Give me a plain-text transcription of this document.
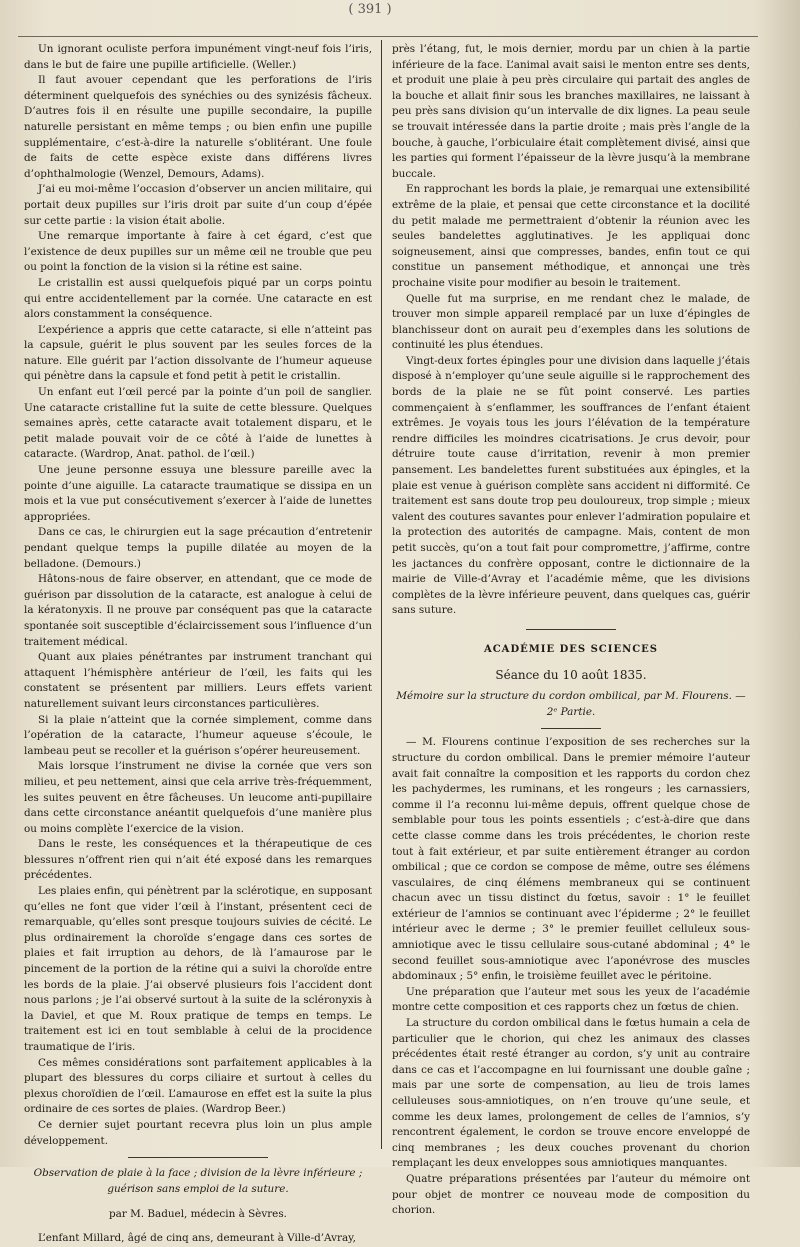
( 391 )

Un ignorant oculiste perfora impunément vingt-neuf fois l’iris, dans le but de faire une pupille artificielle. (Weller.)

Il faut avouer cependant que les perforations de l’iris déterminent quelquefois des synéchies ou des synizésis fâcheux. D’autres fois il en résulte une pupille secondaire, la pupille naturelle persistant en même temps ; ou bien enfin une pupille supplémentaire, c’est-à-dire la naturelle s’oblitérant. Une foule de faits de cette espèce existe dans différens livres d’ophthalmologie (Wenzel, Demours, Adams).

J’ai eu moi-même l’occasion d’observer un ancien militaire, qui portait deux pupilles sur l’iris droit par suite d’un coup d’épée sur cette partie : la vision était abolie.

Une remarque importante à faire à cet égard, c’est que l’existence de deux pupilles sur un même œil ne trouble que peu ou point la fonction de la vision si la rétine est saine.

Le cristallin est aussi quelquefois piqué par un corps pointu qui entre accidentellement par la cornée. Une cataracte en est alors constamment la conséquence.

L’expérience a appris que cette cataracte, si elle n’atteint pas la capsule, guérit le plus souvent par les seules forces de la nature. Elle guérit par l’action dissolvante de l’humeur aqueuse qui pénètre dans la capsule et fond petit à petit le cristallin.

Un enfant eut l’œil percé par la pointe d’un poil de sanglier. Une cataracte cristalline fut la suite de cette blessure. Quelques semaines après, cette cataracte avait totalement disparu, et le petit malade pouvait voir de ce côté à l’aide de lunettes à cataracte. (Wardrop, Anat. pathol. de l’œil.)

Une jeune personne essuya une blessure pareille avec la pointe d’une aiguille. La cataracte traumatique se dissipa en un mois et la vue put consécutivement s’exercer à l’aide de lunettes appropriées.

Dans ce cas, le chirurgien eut la sage précaution d’entretenir pendant quelque temps la pupille dilatée au moyen de la belladone. (Demours.)

Hâtons-nous de faire observer, en attendant, que ce mode de guérison par dissolution de la cataracte, est analogue à celui de la kératonyxis. Il ne prouve par conséquent pas que la cataracte spontanée soit susceptible d’éclaircissement sous l’influence d’un traitement médical.

Quant aux plaies pénétrantes par instrument tranchant qui attaquent l’hémisphère antérieur de l’œil, les faits qui les constatent se présentent par milliers. Leurs effets varient naturellement suivant leurs circonstances particulières.

Si la plaie n’atteint que la cornée simplement, comme dans l’opération de la cataracte, l’humeur aqueuse s’écoule, le lambeau peut se recoller et la guérison s’opérer heureusement.

Mais lorsque l’instrument ne divise la cornée que vers son milieu, et peu nettement, ainsi que cela arrive très-fréquemment, les suites peuvent en être fâcheuses. Un leucome anti-pupillaire dans cette circonstance anéantit quelquefois d’une manière plus ou moins complète l’exercice de la vision.

Dans le reste, les conséquences et la thérapeutique de ces blessures n’offrent rien qui n’ait été exposé dans les remarques précédentes.

Les plaies enfin, qui pénètrent par la sclérotique, en supposant qu’elles ne font que vider l’œil à l’instant, présentent ceci de remarquable, qu’elles sont presque toujours suivies de cécité. Le plus ordinairement la choroïde s’engage dans ces sortes de plaies et fait irruption au dehors, de là l’amaurose par le pincement de la portion de la rétine qui a suivi la choroïde entre les bords de la plaie. J’ai observé plusieurs fois l’accident dont nous parlons ; je l’ai observé surtout à la suite de la scléronyxis à la Daviel, et que M. Roux pratique de temps en temps. Le traitement est ici en tout semblable à celui de la procidence traumatique de l’iris.

Ces mêmes considérations sont parfaitement applicables à la plupart des blessures du corps ciliaire et surtout à celles du plexus choroïdien de l’œil. L’amaurose en effet est la suite la plus ordinaire de ces sortes de plaies. (Wardrop Beer.)

Ce dernier sujet pourtant recevra plus loin un plus ample développement.

Observation de plaie à la face ; division de la lèvre inférieure ; guérison sans emploi de la suture.

par M. Baduel, médecin à Sèvres.

L’enfant Millard, âgé de cinq ans, demeurant à Ville-d’Avray,

près l’étang, fut, le mois dernier, mordu par un chien à la partie inférieure de la face. L’animal avait saisi le menton entre ses dents, et produit une plaie à peu près circulaire qui partait des angles de la bouche et allait finir sous les branches maxillaires, ne laissant à peu près sans division qu’un intervalle de dix lignes. La peau seule se trouvait intéressée dans la partie droite ; mais près l’angle de la bouche, à gauche, l’orbiculaire était complètement divisé, ainsi que les parties qui forment l’épaisseur de la lèvre jusqu’à la membrane buccale.

En rapprochant les bords la plaie, je remarquai une extensibilité extrême de la plaie, et pensai que cette circonstance et la docilité du petit malade me permettraient d’obtenir la réunion avec les seules bandelettes agglutinatives. Je les appliquai donc soigneusement, ainsi que compresses, bandes, enfin tout ce qui constitue un pansement méthodique, et annonçai une très prochaine visite pour modifier au besoin le traitement.

Quelle fut ma surprise, en me rendant chez le malade, de trouver mon simple appareil remplacé par un luxe d’épingles de blanchisseur dont on aurait peu d’exemples dans les solutions de continuité les plus étendues.

Vingt-deux fortes épingles pour une division dans laquelle j’étais disposé à n’employer qu’une seule aiguille si le rapprochement des bords de la plaie ne se fût point conservé. Les parties commençaient à s’enflammer, les souffrances de l’enfant étaient extrêmes. Je voyais tous les jours l’élévation de la température rendre difficiles les moindres cicatrisations. Je crus devoir, pour détruire toute cause d’irritation, revenir à mon premier pansement. Les bandelettes furent substituées aux épingles, et la plaie est venue à guérison complète sans accident ni difformité. Ce traitement est sans doute trop peu douloureux, trop simple ; mieux valent des coutures savantes pour enlever l’admiration populaire et la protection des autorités de campagne. Mais, content de mon petit succès, qu’on a tout fait pour compromettre, j’affirme, contre les jactances du confrère opposant, contre le dictionnaire de la mairie de Ville-d’Avray et l’académie même, que les divisions complètes de la lèvre inférieure peuvent, dans quelques cas, guérir sans suture.

ACADÉMIE DES SCIENCES

Séance du 10 août 1835.

Mémoire sur la structure du cordon ombilical, par M. Flourens. — 2ᵉ Partie.

— M. Flourens continue l’exposition de ses recherches sur la structure du cordon ombilical. Dans le premier mémoire l’auteur avait fait connaître la composition et les rapports du cordon chez les pachydermes, les ruminans, et les rongeurs ; les carnassiers, comme il l’a reconnu lui-même depuis, offrent quelque chose de semblable pour tous les points essentiels ; c’est-à-dire que dans cette classe comme dans les trois précédentes, le chorion reste tout à fait extérieur, et par suite entièrement étranger au cordon ombilical ; que ce cordon se compose de même, outre ses élémens vasculaires, de cinq élémens membraneux qui se continuent chacun avec un tissu distinct du fœtus, savoir : 1° le feuillet extérieur de l’amnios se continuant avec l’épiderme ; 2° le feuillet intérieur avec le derme ; 3° le premier feuillet celluleux sous-amniotique avec le tissu cellulaire sous-cutané abdominal ; 4° le second feuillet sous-amniotique avec l’aponévrose des muscles abdominaux ; 5° enfin, le troisième feuillet avec le péritoine.

Une préparation que l’auteur met sous les yeux de l’académie montre cette composition et ces rapports chez un fœtus de chien.

La structure du cordon ombilical dans le fœtus humain a cela de particulier que le chorion, qui chez les animaux des classes précédentes était resté étranger au cordon, s’y unit au contraire dans ce cas et l’accompagne en lui fournissant une double gaîne ; mais par une sorte de compensation, au lieu de trois lames celluleuses sous-amniotiques, on n’en trouve qu’une seule, et comme les deux lames, prolongement de celles de l’amnios, s’y rencontrent également, le cordon se trouve encore enveloppé de cinq membranes ; les deux couches provenant du chorion remplaçant les deux enveloppes sous amniotiques manquantes.

Quatre préparations présentées par l’auteur du mémoire ont pour objet de montrer ce nouveau mode de composition du chorion.
